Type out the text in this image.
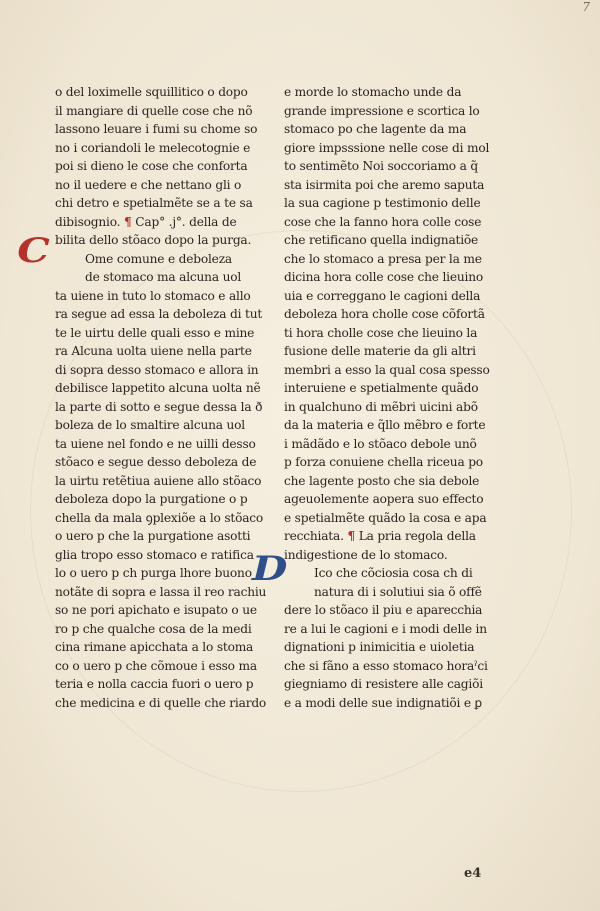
7
C
D
o del loximelle squillitico o dopo
il mangiare di quelle cose che nõ
lassono leuare i fumi su chome so
no i coriandoli le melecotognie e
poi si dieno le cose che conforta
no il uedere e che nettano gli o
chi detro e spetialmẽte se a te sa
dibisognio. ¶ Cap° .j°. della de
bilita dello stõaco dopo la purga.
Ome comune e deboleza
de stomaco ma alcuna uol
ta uiene in tuto lo stomaco e allo
ra segue ad essa la deboleza di tut
te le uirtu delle quali esso e mine
ra Alcuna uolta uiene nella parte
di sopra desso stomaco e allora in
debilisce lappetito alcuna uolta nẽ
la parte di sotto e segue dessa la ð
boleza de lo smaltire alcuna uol
ta uiene nel fondo e ne uilli desso
stõaco e segue desso deboleza de
la uirtu retẽtiua auiene allo stõaco
deboleza dopo la purgatione o p
chella da mala ꝯplexiõe a lo stõaco
o uero p che la purgatione asotti
glia tropo esso stomaco e ratifica
lo o uero p ch purga lhore buono
notãte di sopra e lassa il reo rachiu
so ne pori apichato e isupato o ue
ro p che qualche cosa de la medi
cina rimane apicchata a lo stoma
co o uero p che cõmoue i esso ma
teria e nolla caccia fuori o uero p
che medicina e di quelle che riardo
e morde lo stomacho unde da
grande impressione e scortica lo
stomaco po che lagente da ma
giore impsssione nelle cose di mol
to sentimẽto Noi soccoriamo a q̃
sta isirmita poi che aremo saputa
la sua cagione p testimonio delle
cose che la fanno hora colle cose
che retificano quella indignatiõe
che lo stomaco a presa per la me
dicina hora colle cose che lieuino
uia e correggano le cagioni della
deboleza hora cholle cose cõfortã
ti hora cholle cose che lieuino la
fusione delle materie da gli altri
membri a esso la qual cosa spesso
interuiene e spetialmente quãdo
in qualchuno di mẽbri uicini abõ
da la materia e q̃llo mẽbro e forte
i mãdãdo e lo stõaco debole unõ
p forza conuiene chella riceua po
che lagente posto che sia debole
ageuolemente aopera suo effecto
e spetialmẽte quãdo la cosa e apa
recchiata. ¶ La pria regola della
indigestione de lo stomaco.
Ico che cõciosia cosa ch di
natura di i solutiui sia õ offẽ
dere lo stõaco il piu e aparecchia
re a lui le cagioni e i modi delle in
dignationi p inimicitia e uioletia
che si fãno a esso stomaco horaˀci
giegniamo di resistere alle cagiõi
e a modi delle sue indignatiõi e ꝑ
e4
